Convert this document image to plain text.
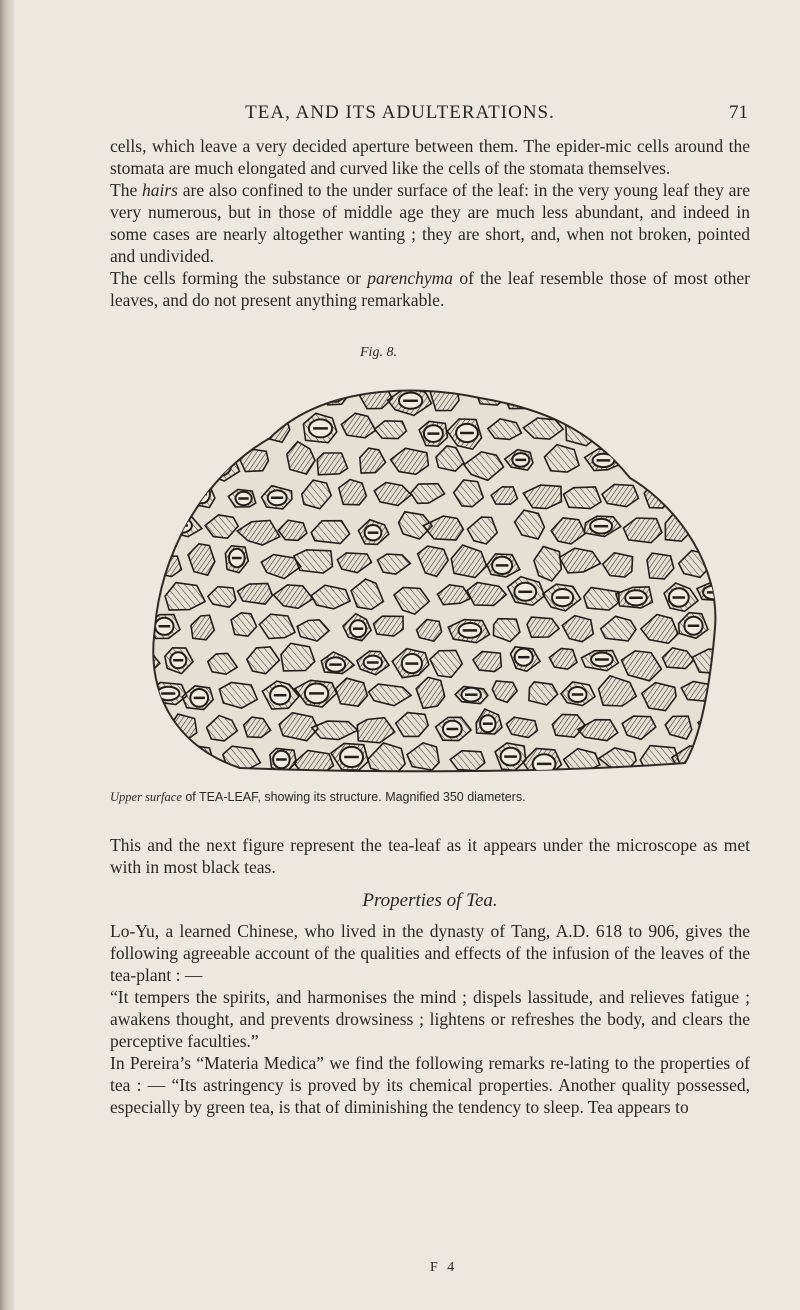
TEA, AND ITS ADULTERATIONS.	71

cells, which leave a very decided aperture between them. The epider-mic cells around the stomata are much elongated and curved like the cells of the stomata themselves.

The hairs are also confined to the under surface of the leaf: in the very young leaf they are very numerous, but in those of middle age they are much less abundant, and indeed in some cases are nearly altogether wanting ; they are short, and, when not broken, pointed and undivided.

The cells forming the substance or parenchyma of the leaf resemble those of most other leaves, and do not present anything remarkable.

Fig. 8.
Upper surface of TEA-LEAF, showing its structure. Magnified 350 diameters.

This and the next figure represent the tea-leaf as it appears under the microscope as met with in most black teas.

Properties of Tea.

Lo-Yu, a learned Chinese, who lived in the dynasty of Tang, A.D. 618 to 906, gives the following agreeable account of the qualities and effects of the infusion of the leaves of the tea-plant : —

“It tempers the spirits, and harmonises the mind ; dispels lassitude, and relieves fatigue ; awakens thought, and prevents drowsiness ; lightens or refreshes the body, and clears the perceptive faculties.”

In Pereira’s “Materia Medica” we find the following remarks re-lating to the properties of tea : — “Its astringency is proved by its chemical properties. Another quality possessed, especially by green tea, is that of diminishing the tendency to sleep. Tea appears to

F 4
